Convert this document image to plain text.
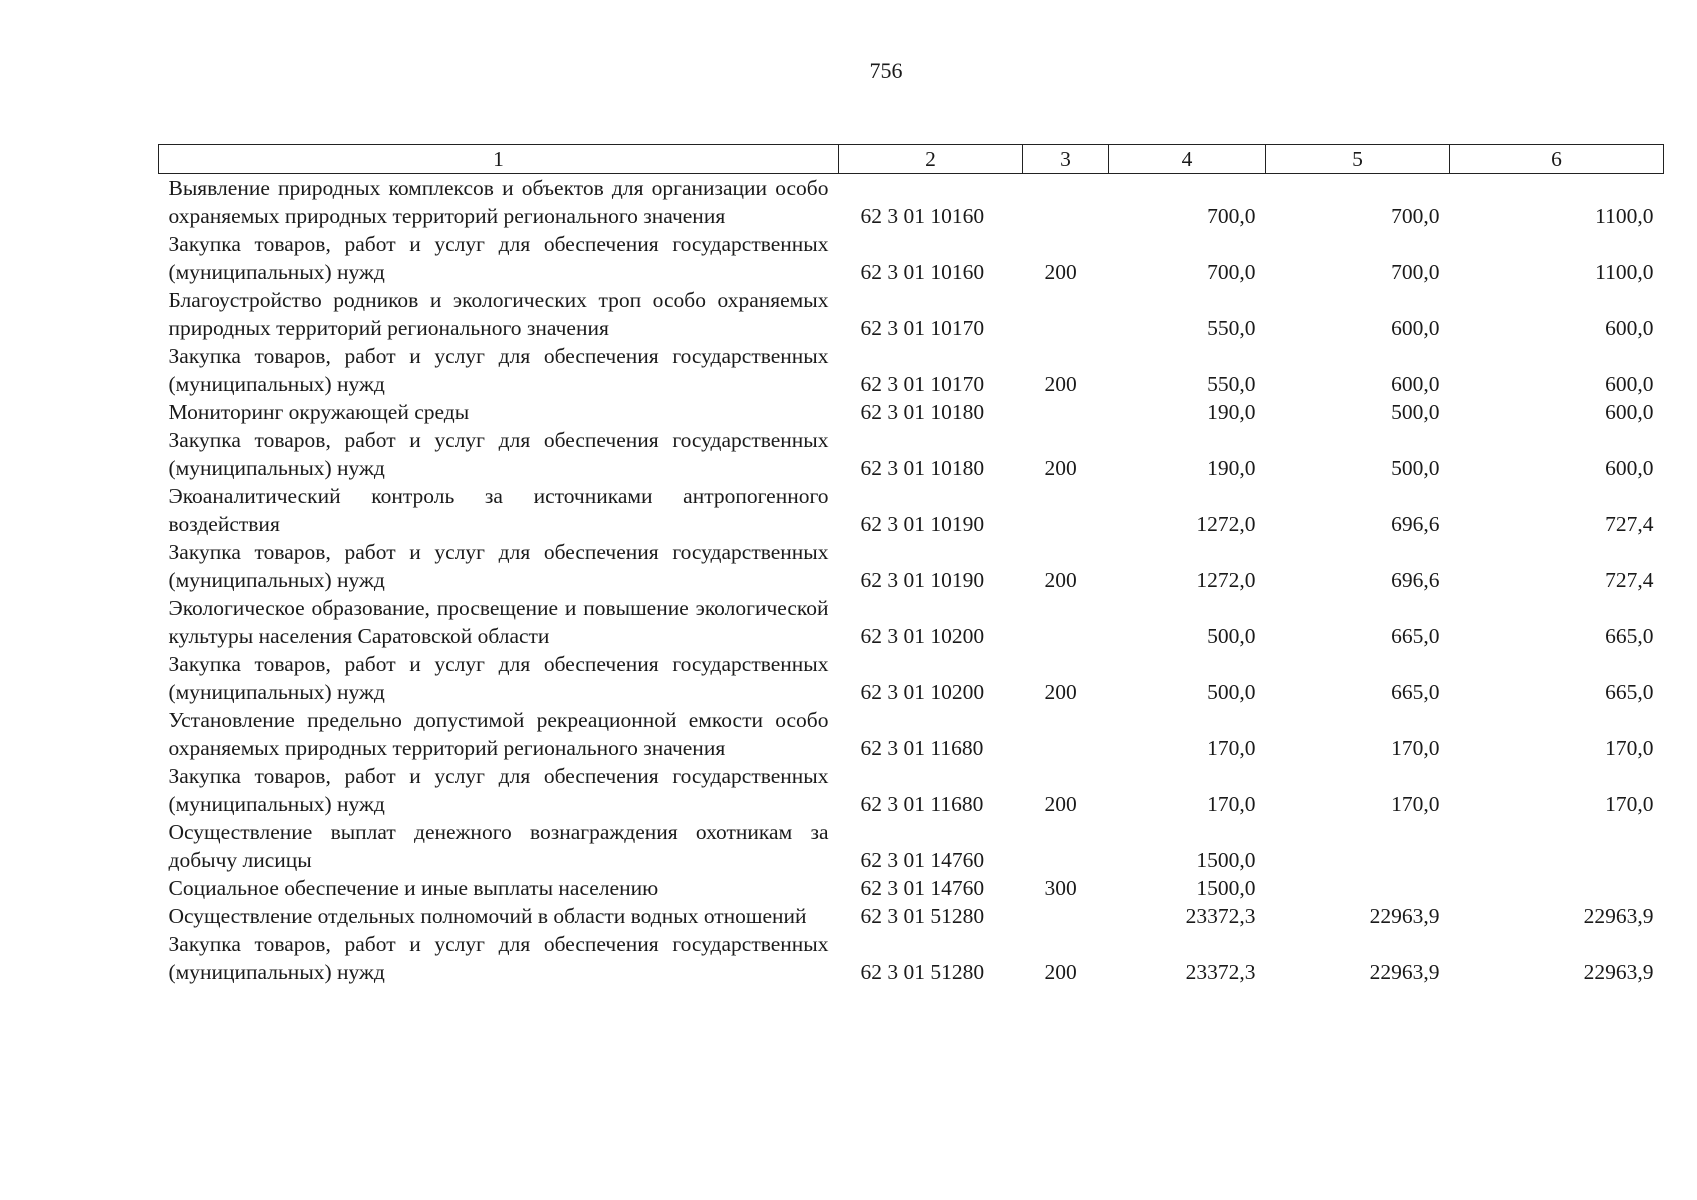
756
1	2	3	4	5	6
Выявление природных комплексов и объектов для организации особо охраняемых природных территорий регионального значения	62 3 01 10160		700,0	700,0	1100,0
Закупка товаров, работ и услуг для обеспечения государственных (муниципальных) нужд	62 3 01 10160	200	700,0	700,0	1100,0
Благоустройство родников и экологических троп особо охраняемых природных территорий регионального значения	62 3 01 10170		550,0	600,0	600,0
Закупка товаров, работ и услуг для обеспечения государственных (муниципальных) нужд	62 3 01 10170	200	550,0	600,0	600,0
Мониторинг окружающей среды	62 3 01 10180		190,0	500,0	600,0
Закупка товаров, работ и услуг для обеспечения государственных (муниципальных) нужд	62 3 01 10180	200	190,0	500,0	600,0
Экоаналитический контроль за источниками антропогенного воздействия	62 3 01 10190		1272,0	696,6	727,4
Закупка товаров, работ и услуг для обеспечения государственных (муниципальных) нужд	62 3 01 10190	200	1272,0	696,6	727,4
Экологическое образование, просвещение и повышение экологической культуры населения Саратовской области	62 3 01 10200		500,0	665,0	665,0
Закупка товаров, работ и услуг для обеспечения государственных (муниципальных) нужд	62 3 01 10200	200	500,0	665,0	665,0
Установление предельно допустимой рекреационной емкости особо охраняемых природных территорий регионального значения	62 3 01 11680		170,0	170,0	170,0
Закупка товаров, работ и услуг для обеспечения государственных (муниципальных) нужд	62 3 01 11680	200	170,0	170,0	170,0
Осуществление выплат денежного вознаграждения охотникам за добычу лисицы	62 3 01 14760		1500,0		
Социальное обеспечение и иные выплаты населению	62 3 01 14760	300	1500,0		
Осуществление отдельных полномочий в области водных отношений	62 3 01 51280		23372,3	22963,9	22963,9
Закупка товаров, работ и услуг для обеспечения государственных (муниципальных) нужд	62 3 01 51280	200	23372,3	22963,9	22963,9
